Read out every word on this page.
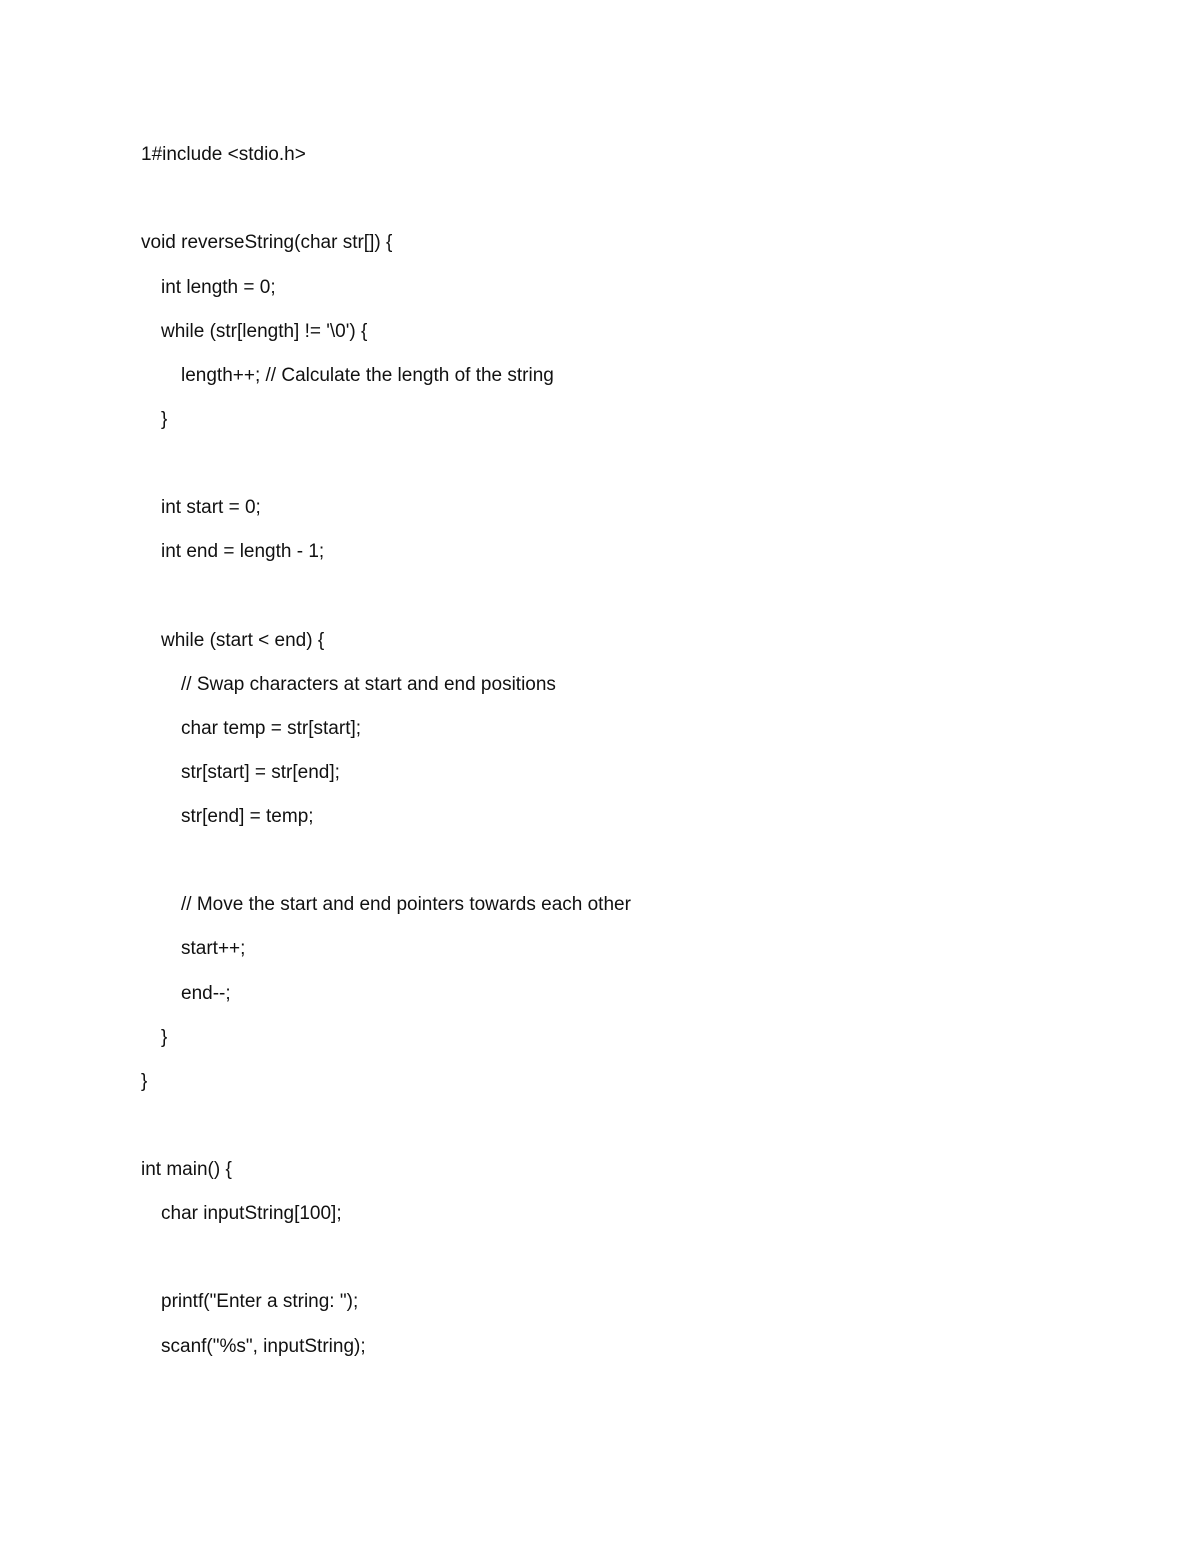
1#include <stdio.h>

void reverseString(char str[]) {

int length = 0;

while (str[length] != '\0') {

length++; // Calculate the length of the string

}

int start = 0;

int end = length - 1;

while (start < end) {

// Swap characters at start and end positions

char temp = str[start];

str[start] = str[end];

str[end] = temp;

// Move the start and end pointers towards each other

start++;

end--;

}

}

int main() {

char inputString[100];

printf("Enter a string: ");

scanf("%s", inputString);
